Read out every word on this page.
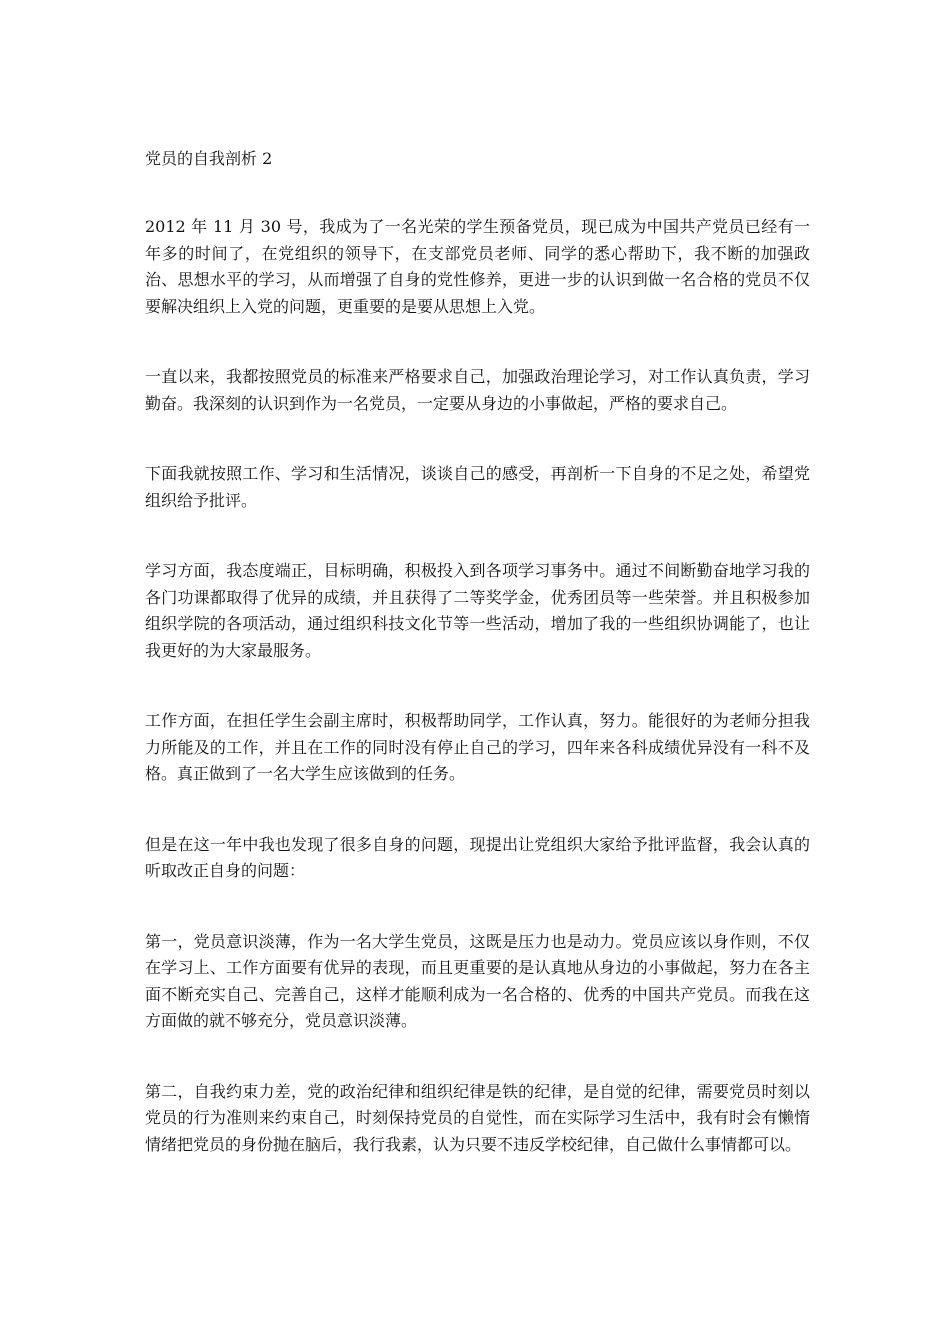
党员的自我剖析 2

2012 年 11 月 30 号，我成为了一名光荣的学生预备党员，现已成为中国共产党员已经有一年多的时间了，在党组织的领导下，在支部党员老师、同学的悉心帮助下，我不断的加强政治、思想水平的学习，从而增强了自身的党性修养，更进一步的认识到做一名合格的党员不仅要解决组织上入党的问题，更重要的是要从思想上入党。

一直以来，我都按照党员的标准来严格要求自己，加强政治理论学习，对工作认真负责，学习勤奋。我深刻的认识到作为一名党员，一定要从身边的小事做起，严格的要求自己。

下面我就按照工作、学习和生活情况，谈谈自己的感受，再剖析一下自身的不足之处，希望党组织给予批评。

学习方面，我态度端正，目标明确，积极投入到各项学习事务中。通过不间断勤奋地学习我的各门功课都取得了优异的成绩，并且获得了二等奖学金，优秀团员等一些荣誉。并且积极参加组织学院的各项活动，通过组织科技文化节等一些活动，增加了我的一些组织协调能了，也让我更好的为大家最服务。

工作方面，在担任学生会副主席时，积极帮助同学，工作认真，努力。能很好的为老师分担我力所能及的工作，并且在工作的同时没有停止自己的学习，四年来各科成绩优异没有一科不及格。真正做到了一名大学生应该做到的任务。

但是在这一年中我也发现了很多自身的问题，现提出让党组织大家给予批评监督，我会认真的听取改正自身的问题：

第一，党员意识淡薄，作为一名大学生党员，这既是压力也是动力。党员应该以身作则，不仅在学习上、工作方面要有优异的表现，而且更重要的是认真地从身边的小事做起，努力在各主面不断充实自己、完善自己，这样才能顺利成为一名合格的、优秀的中国共产党员。而我在这方面做的就不够充分，党员意识淡薄。

第二，自我约束力差，党的政治纪律和组织纪律是铁的纪律，是自觉的纪律，需要党员时刻以党员的行为准则来约束自己，时刻保持党员的自觉性，而在实际学习生活中，我有时会有懒惰情绪把党员的身份抛在脑后，我行我素，认为只要不违反学校纪律，自己做什么事情都可以。
